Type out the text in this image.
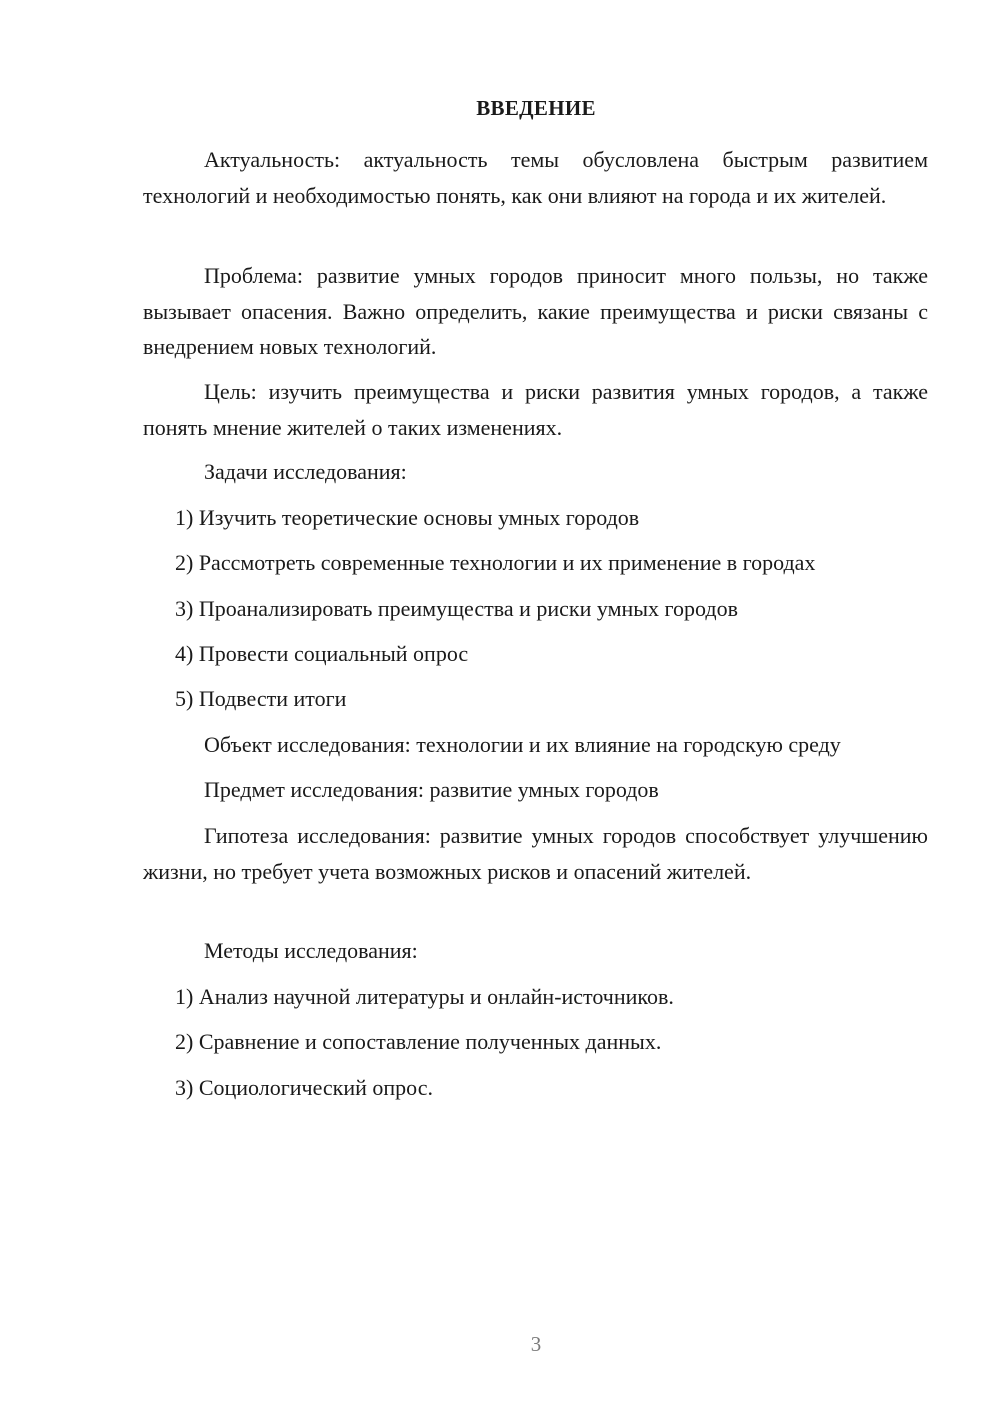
ВВЕДЕНИЕ
Актуальность: актуальность темы обусловлена быстрым развитием технологий и необходимостью понять, как они влияют на города и их жителей.
Проблема: развитие умных городов приносит много пользы, но также вызывает опасения. Важно определить, какие преимущества и риски связаны с внедрением новых технологий.
Цель: изучить преимущества и риски развития умных городов, а также понять мнение жителей о таких изменениях.
Задачи исследования:
1) Изучить теоретические основы умных городов
2) Рассмотреть современные технологии и их применение в городах
3) Проанализировать преимущества и риски умных городов
4) Провести социальный опрос
5) Подвести итоги
Объект исследования: технологии и их влияние на городскую среду
Предмет исследования: развитие умных городов
Гипотеза исследования: развитие умных городов способствует улучшению жизни, но требует учета возможных рисков и опасений жителей.
Методы исследования:
1) Анализ научной литературы и онлайн-источников.
2) Сравнение и сопоставление полученных данных.
3) Социологический опрос.
3
